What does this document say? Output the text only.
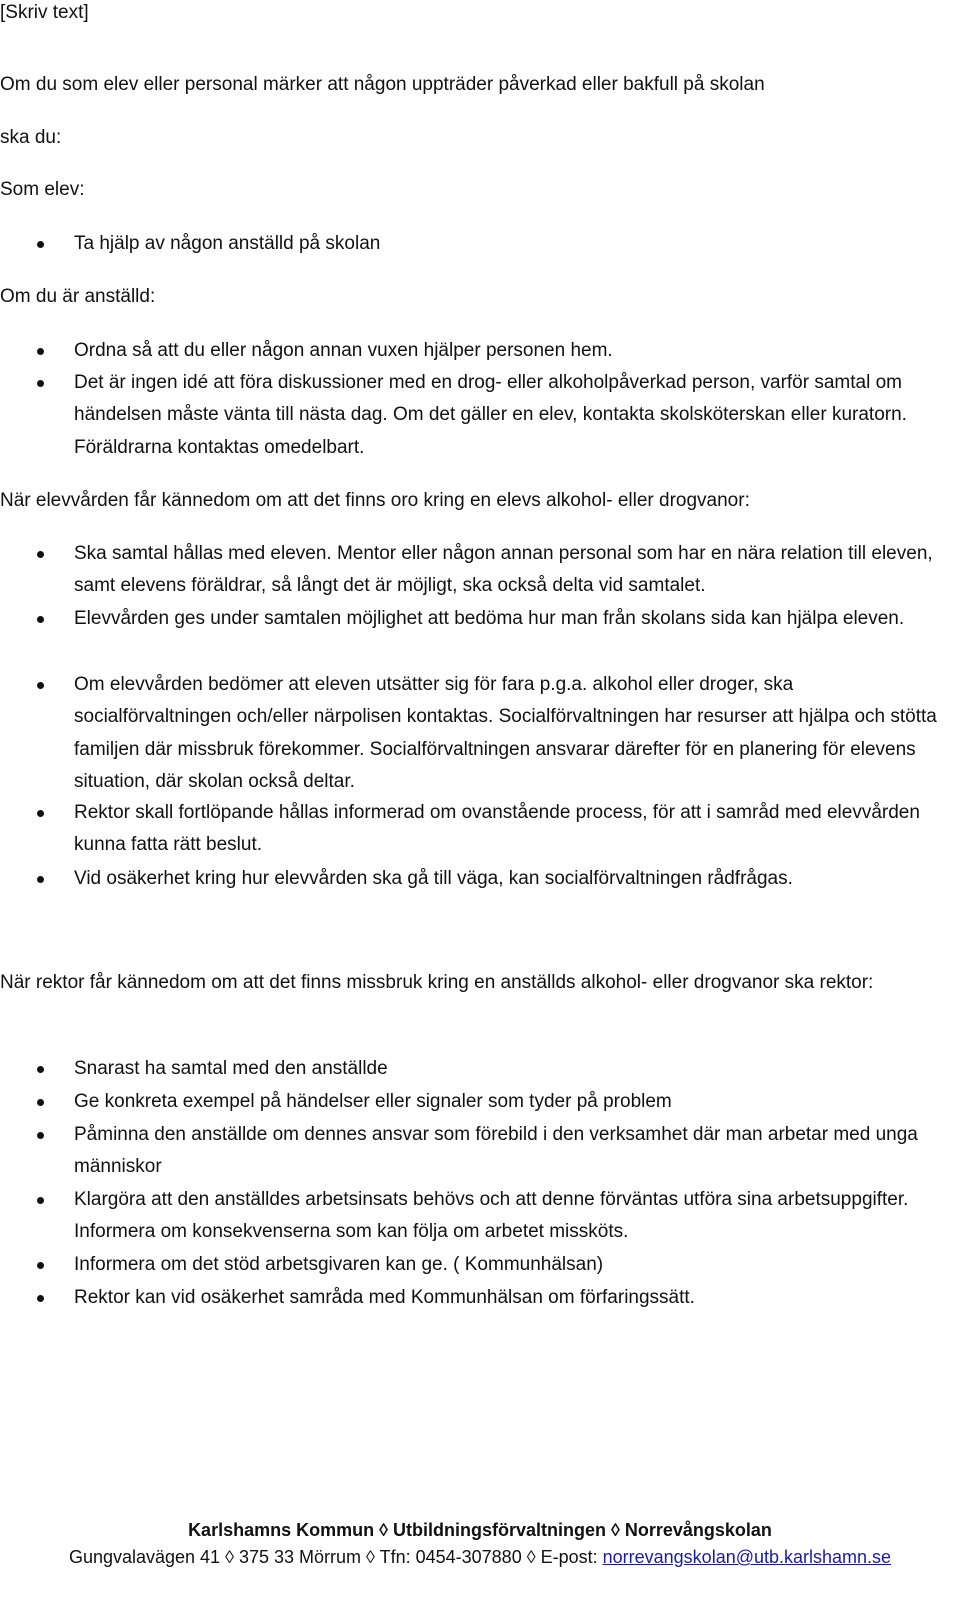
[Skriv text]
Om du som elev eller personal märker att någon uppträder påverkad eller bakfull på skolan
ska du:
Som elev:
Ta hjälp av någon anställd på skolan
Om du är anställd:
Ordna så att du eller någon annan vuxen hjälper personen hem.
Det är ingen idé att föra diskussioner med en drog- eller alkoholpåverkad person, varför samtal om händelsen måste vänta till nästa dag. Om det gäller en elev, kontakta skolsköterskan eller kuratorn. Föräldrarna kontaktas omedelbart.
När elevvården får kännedom om att det finns oro kring en elevs alkohol- eller drogvanor:
Ska samtal hållas med eleven. Mentor eller någon annan personal som har en nära relation till eleven, samt elevens föräldrar, så långt det är möjligt, ska också delta vid samtalet.
Elevvården ges under samtalen möjlighet att bedöma hur man från skolans sida kan hjälpa eleven.
Om elevvården bedömer att eleven utsätter sig för fara p.g.a. alkohol eller droger, ska socialförvaltningen och/eller närpolisen kontaktas. Socialförvaltningen har resurser att hjälpa och stötta familjen där missbruk förekommer. Socialförvaltningen ansvarar därefter för en planering för elevens situation, där skolan också deltar.
Rektor skall fortlöpande hållas informerad om ovanstående process, för att i samråd med elevvården kunna fatta rätt beslut.
Vid osäkerhet kring hur elevvården ska gå till väga, kan socialförvaltningen rådfrågas.
När rektor får kännedom om att det finns missbruk kring en anställds alkohol- eller drogvanor ska rektor:
Snarast ha samtal med den anställde
Ge konkreta exempel på händelser eller signaler som tyder på problem
Påminna den anställde om dennes ansvar som förebild i den verksamhet där man arbetar med unga människor
Klargöra att den anställdes arbetsinsats behövs och att denne förväntas utföra sina arbetsuppgifter. Informera om konsekvenserna som kan följa om arbetet missköts.
Informera om det stöd arbetsgivaren kan ge. ( Kommunhälsan)
Rektor kan vid osäkerhet samråda med Kommunhälsan om förfaringssätt.
Karlshamns Kommun ◊ Utbildningsförvaltningen ◊ Norrevångskolan
Gungvalavägen 41 ◊ 375 33 Mörrum ◊ Tfn: 0454-307880 ◊ E-post: norrevangskolan@utb.karlshamn.se
